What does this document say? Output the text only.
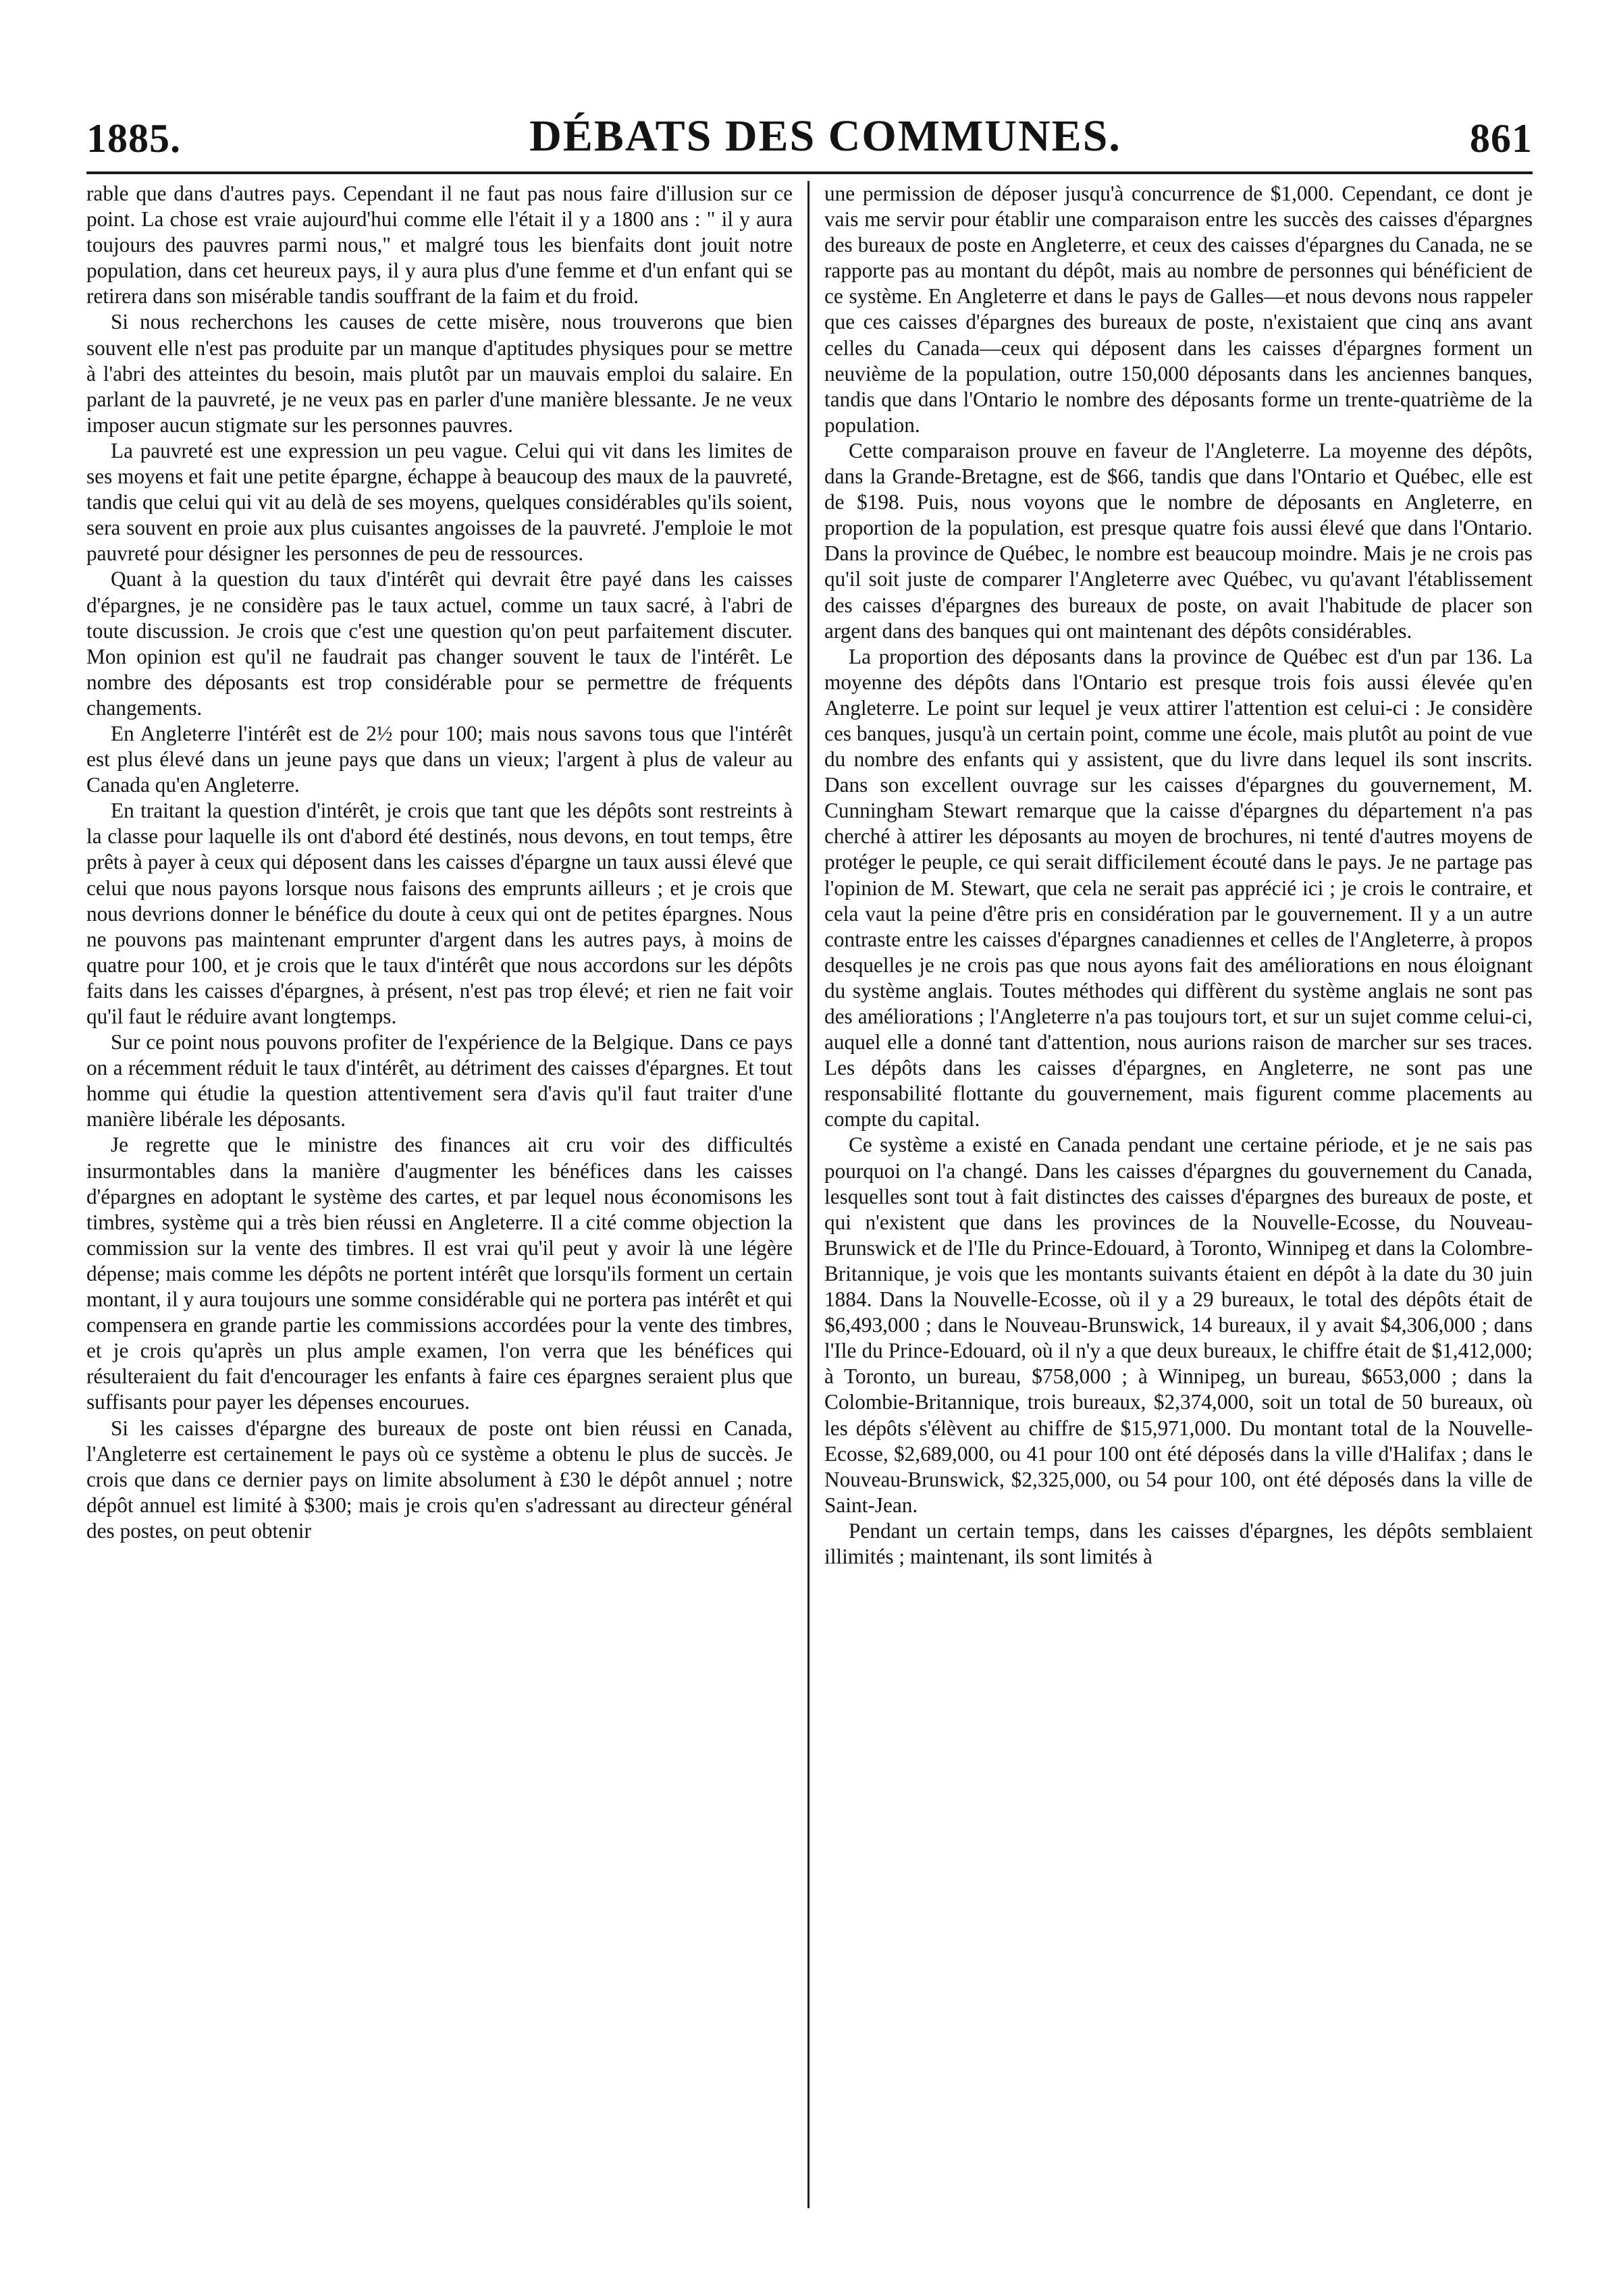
1885.	DÉBATS DES COMMUNES.	861

rable que dans d'autres pays. Cependant il ne faut pas nous faire d'illusion sur ce point. La chose est vraie aujourd'hui comme elle l'était il y a 1800 ans : " il y aura toujours des pauvres parmi nous," et malgré tous les bienfaits dont jouit notre population, dans cet heureux pays, il y aura plus d'une femme et d'un enfant qui se retirera dans son misérable tandis souffrant de la faim et du froid.

Si nous recherchons les causes de cette misère, nous trouverons que bien souvent elle n'est pas produite par un manque d'aptitudes physiques pour se mettre à l'abri des atteintes du besoin, mais plutôt par un mauvais emploi du salaire. En parlant de la pauvreté, je ne veux pas en parler d'une manière blessante. Je ne veux imposer aucun stigmate sur les personnes pauvres.

La pauvreté est une expression un peu vague. Celui qui vit dans les limites de ses moyens et fait une petite épargne, échappe à beaucoup des maux de la pauvreté, tandis que celui qui vit au delà de ses moyens, quelques considérables qu'ils soient, sera souvent en proie aux plus cuisantes angoisses de la pauvreté. J'emploie le mot pauvreté pour désigner les personnes de peu de ressources.

Quant à la question du taux d'intérêt qui devrait être payé dans les caisses d'épargnes, je ne considère pas le taux actuel, comme un taux sacré, à l'abri de toute discussion. Je crois que c'est une question qu'on peut parfaitement discuter. Mon opinion est qu'il ne faudrait pas changer souvent le taux de l'intérêt. Le nombre des déposants est trop considérable pour se permettre de fréquents changements.

En Angleterre l'intérêt est de 2½ pour 100; mais nous savons tous que l'intérêt est plus élevé dans un jeune pays que dans un vieux; l'argent à plus de valeur au Canada qu'en Angleterre.

En traitant la question d'intérêt, je crois que tant que les dépôts sont restreints à la classe pour laquelle ils ont d'abord été destinés, nous devons, en tout temps, être prêts à payer à ceux qui déposent dans les caisses d'épargne un taux aussi élevé que celui que nous payons lorsque nous faisons des emprunts ailleurs ; et je crois que nous devrions donner le bénéfice du doute à ceux qui ont de petites épargnes. Nous ne pouvons pas maintenant emprunter d'argent dans les autres pays, à moins de quatre pour 100, et je crois que le taux d'intérêt que nous accordons sur les dépôts faits dans les caisses d'épargnes, à présent, n'est pas trop élevé; et rien ne fait voir qu'il faut le réduire avant longtemps.

Sur ce point nous pouvons profiter de l'expérience de la Belgique. Dans ce pays on a récemment réduit le taux d'intérêt, au détriment des caisses d'épargnes. Et tout homme qui étudie la question attentivement sera d'avis qu'il faut traiter d'une manière libérale les déposants.

Je regrette que le ministre des finances ait cru voir des difficultés insurmontables dans la manière d'augmenter les bénéfices dans les caisses d'épargnes en adoptant le système des cartes, et par lequel nous économisons les timbres, système qui a très bien réussi en Angleterre. Il a cité comme objection la commission sur la vente des timbres. Il est vrai qu'il peut y avoir là une légère dépense; mais comme les dépôts ne portent intérêt que lorsqu'ils forment un certain montant, il y aura toujours une somme considérable qui ne portera pas intérêt et qui compensera en grande partie les commissions accordées pour la vente des timbres, et je crois qu'après un plus ample examen, l'on verra que les bénéfices qui résulteraient du fait d'encourager les enfants à faire ces épargnes seraient plus que suffisants pour payer les dépenses encourues.

Si les caisses d'épargne des bureaux de poste ont bien réussi en Canada, l'Angleterre est certainement le pays où ce système a obtenu le plus de succès. Je crois que dans ce dernier pays on limite absolument à £30 le dépôt annuel ; notre dépôt annuel est limité à $300; mais je crois qu'en s'adressant au directeur général des postes, on peut obtenir

une permission de déposer jusqu'à concurrence de $1,000. Cependant, ce dont je vais me servir pour établir une comparaison entre les succès des caisses d'épargnes des bureaux de poste en Angleterre, et ceux des caisses d'épargnes du Canada, ne se rapporte pas au montant du dépôt, mais au nombre de personnes qui bénéficient de ce système. En Angleterre et dans le pays de Galles—et nous devons nous rappeler que ces caisses d'épargnes des bureaux de poste, n'existaient que cinq ans avant celles du Canada—ceux qui déposent dans les caisses d'épargnes forment un neuvième de la population, outre 150,000 déposants dans les anciennes banques, tandis que dans l'Ontario le nombre des déposants forme un trente-quatrième de la population.

Cette comparaison prouve en faveur de l'Angleterre. La moyenne des dépôts, dans la Grande-Bretagne, est de $66, tandis que dans l'Ontario et Québec, elle est de $198. Puis, nous voyons que le nombre de déposants en Angleterre, en proportion de la population, est presque quatre fois aussi élevé que dans l'Ontario. Dans la province de Québec, le nombre est beaucoup moindre. Mais je ne crois pas qu'il soit juste de comparer l'Angleterre avec Québec, vu qu'avant l'établissement des caisses d'épargnes des bureaux de poste, on avait l'habitude de placer son argent dans des banques qui ont maintenant des dépôts considérables.

La proportion des déposants dans la province de Québec est d'un par 136. La moyenne des dépôts dans l'Ontario est presque trois fois aussi élevée qu'en Angleterre. Le point sur lequel je veux attirer l'attention est celui-ci : Je considère ces banques, jusqu'à un certain point, comme une école, mais plutôt au point de vue du nombre des enfants qui y assistent, que du livre dans lequel ils sont inscrits. Dans son excellent ouvrage sur les caisses d'épargnes du gouvernement, M. Cunningham Stewart remarque que la caisse d'épargnes du département n'a pas cherché à attirer les déposants au moyen de brochures, ni tenté d'autres moyens de protéger le peuple, ce qui serait difficilement écouté dans le pays. Je ne partage pas l'opinion de M. Stewart, que cela ne serait pas apprécié ici ; je crois le contraire, et cela vaut la peine d'être pris en considération par le gouvernement. Il y a un autre contraste entre les caisses d'épargnes canadiennes et celles de l'Angleterre, à propos desquelles je ne crois pas que nous ayons fait des améliorations en nous éloignant du système anglais. Toutes méthodes qui diffèrent du système anglais ne sont pas des améliorations ; l'Angleterre n'a pas toujours tort, et sur un sujet comme celui-ci, auquel elle a donné tant d'attention, nous aurions raison de marcher sur ses traces. Les dépôts dans les caisses d'épargnes, en Angleterre, ne sont pas une responsabilité flottante du gouvernement, mais figurent comme placements au compte du capital.

Ce système a existé en Canada pendant une certaine période, et je ne sais pas pourquoi on l'a changé. Dans les caisses d'épargnes du gouvernement du Canada, lesquelles sont tout à fait distinctes des caisses d'épargnes des bureaux de poste, et qui n'existent que dans les provinces de la Nouvelle-Ecosse, du Nouveau-Brunswick et de l'Ile du Prince-Edouard, à Toronto, Winnipeg et dans la Colombre-Britannique, je vois que les montants suivants étaient en dépôt à la date du 30 juin 1884. Dans la Nouvelle-Ecosse, où il y a 29 bureaux, le total des dépôts était de $6,493,000 ; dans le Nouveau-Brunswick, 14 bureaux, il y avait $4,306,000 ; dans l'Ile du Prince-Edouard, où il n'y a que deux bureaux, le chiffre était de $1,412,000; à Toronto, un bureau, $758,000 ; à Winnipeg, un bureau, $653,000 ; dans la Colombie-Britannique, trois bureaux, $2,374,000, soit un total de 50 bureaux, où les dépôts s'élèvent au chiffre de $15,971,000. Du montant total de la Nouvelle-Ecosse, $2,689,000, ou 41 pour 100 ont été déposés dans la ville d'Halifax ; dans le Nouveau-Brunswick, $2,325,000, ou 54 pour 100, ont été déposés dans la ville de Saint-Jean.

Pendant un certain temps, dans les caisses d'épargnes, les dépôts semblaient illimités ; maintenant, ils sont limités à
